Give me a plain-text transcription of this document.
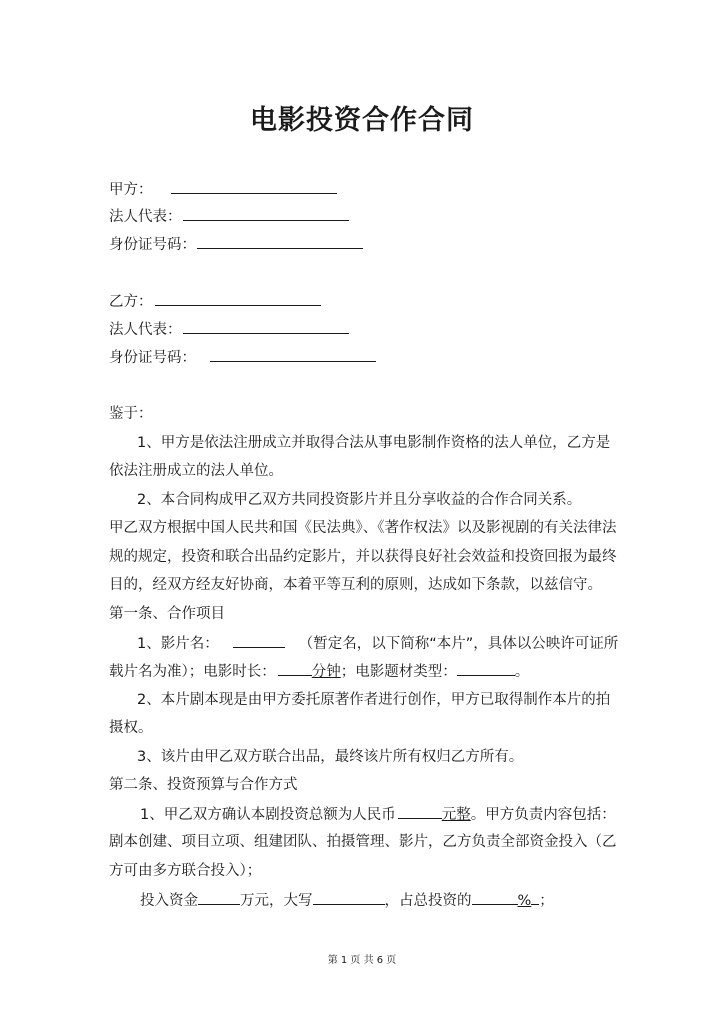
电影投资合作合同
甲方：
法人代表：
身份证号码：
乙方：
法人代表：
身份证号码：
鉴于：
1、甲方是依法注册成立并取得合法从事电影制作资格的法人单位，乙方是
依法注册成立的法人单位。
2、本合同构成甲乙双方共同投资影片并且分享收益的合作合同关系。
甲乙双方根据中国人民共和国《民法典》、《著作权法》以及影视剧的有关法律法
规的规定，投资和联合出品约定影片，并以获得良好社会效益和投资回报为最终
目的，经双方经友好协商，本着平等互利的原则，达成如下条款，以兹信守。
第一条、合作项目
1、影片名：	（暂定名，以下简称“本片”，具体以公映许可证所
载片名为准）；电影时长： 分钟；电影题材类型：	。
2、本片剧本现是由甲方委托原著作者进行创作，甲方已取得制作本片的拍
摄权。
3、该片由甲乙双方联合出品，最终该片所有权归乙方所有。
第二条、投资预算与合作方式
1、甲乙双方确认本剧投资总额为人民币	元整。甲方负责内容包括：
剧本创建、项目立项、组建团队、拍摄管理、影片，乙方负责全部资金投入（乙
方可由多方联合投入）；
投入资金	万元，大写	，占总投资的	% ；
第 1 页 共 6 页
